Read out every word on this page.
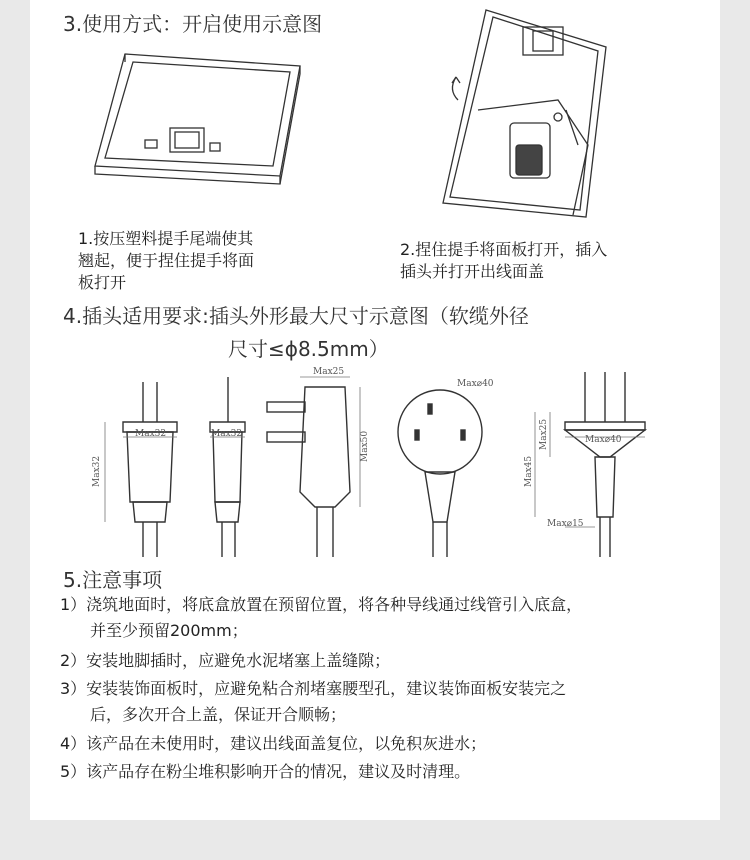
3.使用方式：开启使用示意图
1.按压塑料提手尾端使其
翘起，便于捏住提手将面
板打开
2.捏住提手将面板打开，插入
插头并打开出线面盖
4.插头适用要求:插头外形最大尺寸示意图（软缆外径
尺寸≤ϕ8.5mm）
Max32	Max32
Max32
Max25
Max50
Max⌀40
Max⌀40
Max25
Max45
Max⌀15
5.注意事项
1）浇筑地面时，将底盒放置在预留位置，将各种导线通过线管引入底盒，
并至少预留200mm；
2）安装地脚插时，应避免水泥堵塞上盖缝隙；
3）安装装饰面板时，应避免粘合剂堵塞腰型孔，建议装饰面板安装完之
后，多次开合上盖，保证开合顺畅；
4）该产品在未使用时，建议出线面盖复位，以免积灰进水；
5）该产品存在粉尘堆积影响开合的情况，建议及时清理。
